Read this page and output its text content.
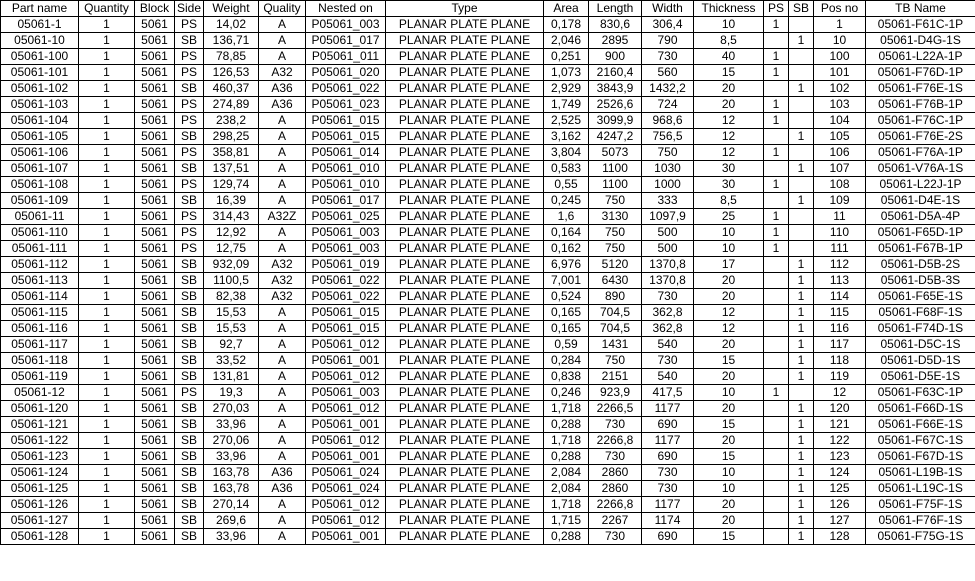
Part name	Quantity	Block	Side	Weight	Quality	Nested on	Type	Area	Length	Width	Thickness	PS	SB	Pos no	TB Name
05061-1	1	5061	PS	14,02	A	P05061_003	PLANAR PLATE PLANE	0,178	830,6	306,4	10	1		1	05061-F61C-1P
05061-10	1	5061	SB	136,71	A	P05061_017	PLANAR PLATE PLANE	2,046	2895	790	8,5		1	10	05061-D4G-1S
05061-100	1	5061	PS	78,85	A	P05061_011	PLANAR PLATE PLANE	0,251	900	730	40	1		100	05061-L22A-1P
05061-101	1	5061	PS	126,53	A32	P05061_020	PLANAR PLATE PLANE	1,073	2160,4	560	15	1		101	05061-F76D-1P
05061-102	1	5061	SB	460,37	A36	P05061_022	PLANAR PLATE PLANE	2,929	3843,9	1432,2	20		1	102	05061-F76E-1S
05061-103	1	5061	PS	274,89	A36	P05061_023	PLANAR PLATE PLANE	1,749	2526,6	724	20	1		103	05061-F76B-1P
05061-104	1	5061	PS	238,2	A	P05061_015	PLANAR PLATE PLANE	2,525	3099,9	968,6	12	1		104	05061-F76C-1P
05061-105	1	5061	SB	298,25	A	P05061_015	PLANAR PLATE PLANE	3,162	4247,2	756,5	12		1	105	05061-F76E-2S
05061-106	1	5061	PS	358,81	A	P05061_014	PLANAR PLATE PLANE	3,804	5073	750	12	1		106	05061-F76A-1P
05061-107	1	5061	SB	137,51	A	P05061_010	PLANAR PLATE PLANE	0,583	1100	1030	30		1	107	05061-V76A-1S
05061-108	1	5061	PS	129,74	A	P05061_010	PLANAR PLATE PLANE	0,55	1100	1000	30	1		108	05061-L22J-1P
05061-109	1	5061	SB	16,39	A	P05061_017	PLANAR PLATE PLANE	0,245	750	333	8,5		1	109	05061-D4E-1S
05061-11	1	5061	PS	314,43	A32Z	P05061_025	PLANAR PLATE PLANE	1,6	3130	1097,9	25	1		11	05061-D5A-4P
05061-110	1	5061	PS	12,92	A	P05061_003	PLANAR PLATE PLANE	0,164	750	500	10	1		110	05061-F65D-1P
05061-111	1	5061	PS	12,75	A	P05061_003	PLANAR PLATE PLANE	0,162	750	500	10	1		111	05061-F67B-1P
05061-112	1	5061	SB	932,09	A32	P05061_019	PLANAR PLATE PLANE	6,976	5120	1370,8	17		1	112	05061-D5B-2S
05061-113	1	5061	SB	1100,5	A32	P05061_022	PLANAR PLATE PLANE	7,001	6430	1370,8	20		1	113	05061-D5B-3S
05061-114	1	5061	SB	82,38	A32	P05061_022	PLANAR PLATE PLANE	0,524	890	730	20		1	114	05061-F65E-1S
05061-115	1	5061	SB	15,53	A	P05061_015	PLANAR PLATE PLANE	0,165	704,5	362,8	12		1	115	05061-F68F-1S
05061-116	1	5061	SB	15,53	A	P05061_015	PLANAR PLATE PLANE	0,165	704,5	362,8	12		1	116	05061-F74D-1S
05061-117	1	5061	SB	92,7	A	P05061_012	PLANAR PLATE PLANE	0,59	1431	540	20		1	117	05061-D5C-1S
05061-118	1	5061	SB	33,52	A	P05061_001	PLANAR PLATE PLANE	0,284	750	730	15		1	118	05061-D5D-1S
05061-119	1	5061	SB	131,81	A	P05061_012	PLANAR PLATE PLANE	0,838	2151	540	20		1	119	05061-D5E-1S
05061-12	1	5061	PS	19,3	A	P05061_003	PLANAR PLATE PLANE	0,246	923,9	417,5	10	1		12	05061-F63C-1P
05061-120	1	5061	SB	270,03	A	P05061_012	PLANAR PLATE PLANE	1,718	2266,5	1177	20		1	120	05061-F66D-1S
05061-121	1	5061	SB	33,96	A	P05061_001	PLANAR PLATE PLANE	0,288	730	690	15		1	121	05061-F66E-1S
05061-122	1	5061	SB	270,06	A	P05061_012	PLANAR PLATE PLANE	1,718	2266,8	1177	20		1	122	05061-F67C-1S
05061-123	1	5061	SB	33,96	A	P05061_001	PLANAR PLATE PLANE	0,288	730	690	15		1	123	05061-F67D-1S
05061-124	1	5061	SB	163,78	A36	P05061_024	PLANAR PLATE PLANE	2,084	2860	730	10		1	124	05061-L19B-1S
05061-125	1	5061	SB	163,78	A36	P05061_024	PLANAR PLATE PLANE	2,084	2860	730	10		1	125	05061-L19C-1S
05061-126	1	5061	SB	270,14	A	P05061_012	PLANAR PLATE PLANE	1,718	2266,8	1177	20		1	126	05061-F75F-1S
05061-127	1	5061	SB	269,6	A	P05061_012	PLANAR PLATE PLANE	1,715	2267	1174	20		1	127	05061-F76F-1S
05061-128	1	5061	SB	33,96	A	P05061_001	PLANAR PLATE PLANE	0,288	730	690	15		1	128	05061-F75G-1S
